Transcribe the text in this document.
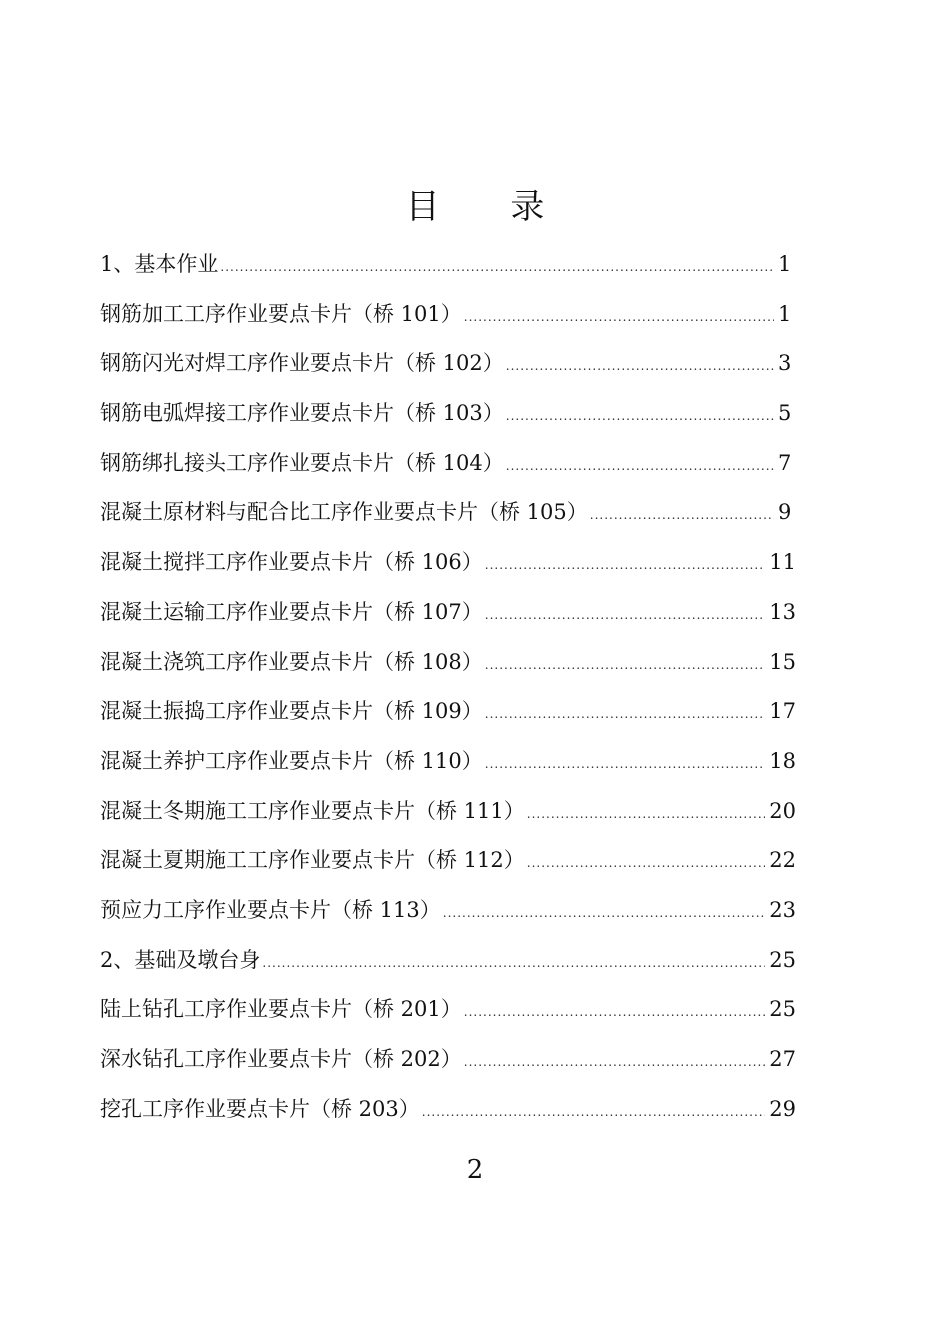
目 录
1、基本作业 .....	1
钢筋加工工序作业要点卡片（桥 101） .....	1
钢筋闪光对焊工序作业要点卡片（桥 102） .....	3
钢筋电弧焊接工序作业要点卡片（桥 103） .....	5
钢筋绑扎接头工序作业要点卡片（桥 104） .....	7
混凝土原材料与配合比工序作业要点卡片（桥 105） .....	9
混凝土搅拌工序作业要点卡片（桥 106） .....	11
混凝土运输工序作业要点卡片（桥 107） .....	13
混凝土浇筑工序作业要点卡片（桥 108） .....	15
混凝土振捣工序作业要点卡片（桥 109） .....	17
混凝土养护工序作业要点卡片（桥 110） .....	18
混凝土冬期施工工序作业要点卡片（桥 111） .....	20
混凝土夏期施工工序作业要点卡片（桥 112） .....	22
预应力工序作业要点卡片（桥 113） .....	23
2、基础及墩台身 .....	25
陆上钻孔工序作业要点卡片（桥 201） .....	25
深水钻孔工序作业要点卡片（桥 202） .....	27
挖孔工序作业要点卡片（桥 203） .....	29
2
